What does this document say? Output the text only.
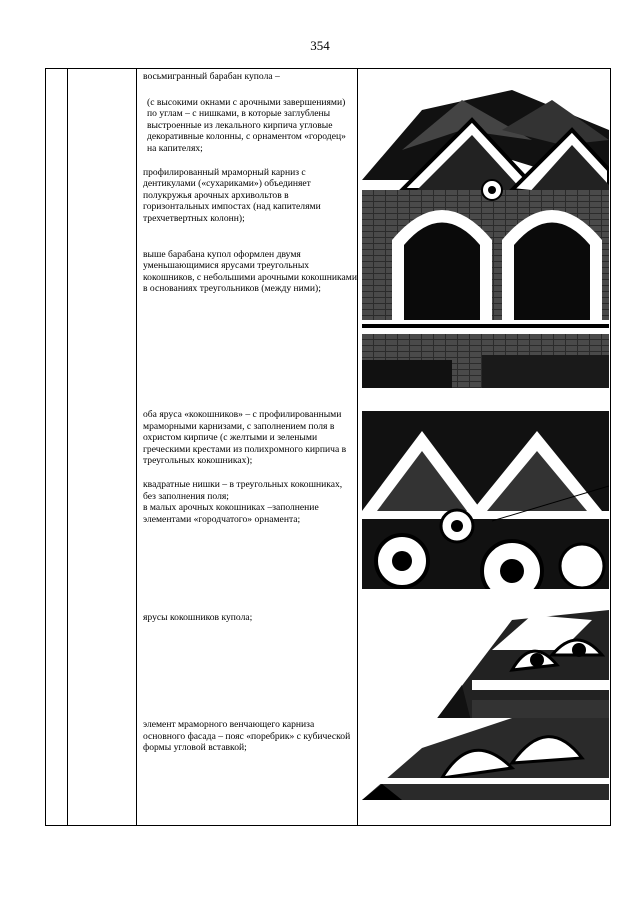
354

восьмигранный барабан купола –

(с высокими окнами с арочными завершениями) по углам – с нишками, в которые заглублены выстроенные из лекального кирпича угловые декоративные колонны, с орнаментом «городец» на капителях;

профилированный мраморный карниз с дентикулами («сухариками») объединяет полукружья арочных архивольтов в горизонтальных импостах (над капителями трехчетвертных колонн);

выше барабана купол оформлен двумя уменьшающимися ярусами треугольных кокошников, с небольшими арочными кокошниками в основаниях треугольников (между ними);

оба яруса «кокошников» – с профилированными мраморными карнизами, с заполнением поля в охристом кирпиче (с желтыми и зелеными греческими крестами из полихромного кирпича в треугольных кокошниках);

квадратные нишки – в треугольных кокошниках, без заполнения поля;
в малых арочных кокошниках –заполнение элементами «городчатого» орнамента;

ярусы кокошников купола;

элемент мраморного венчающего карниза основного фасада – пояс «поребрик» с кубической формы угловой вставкой;
